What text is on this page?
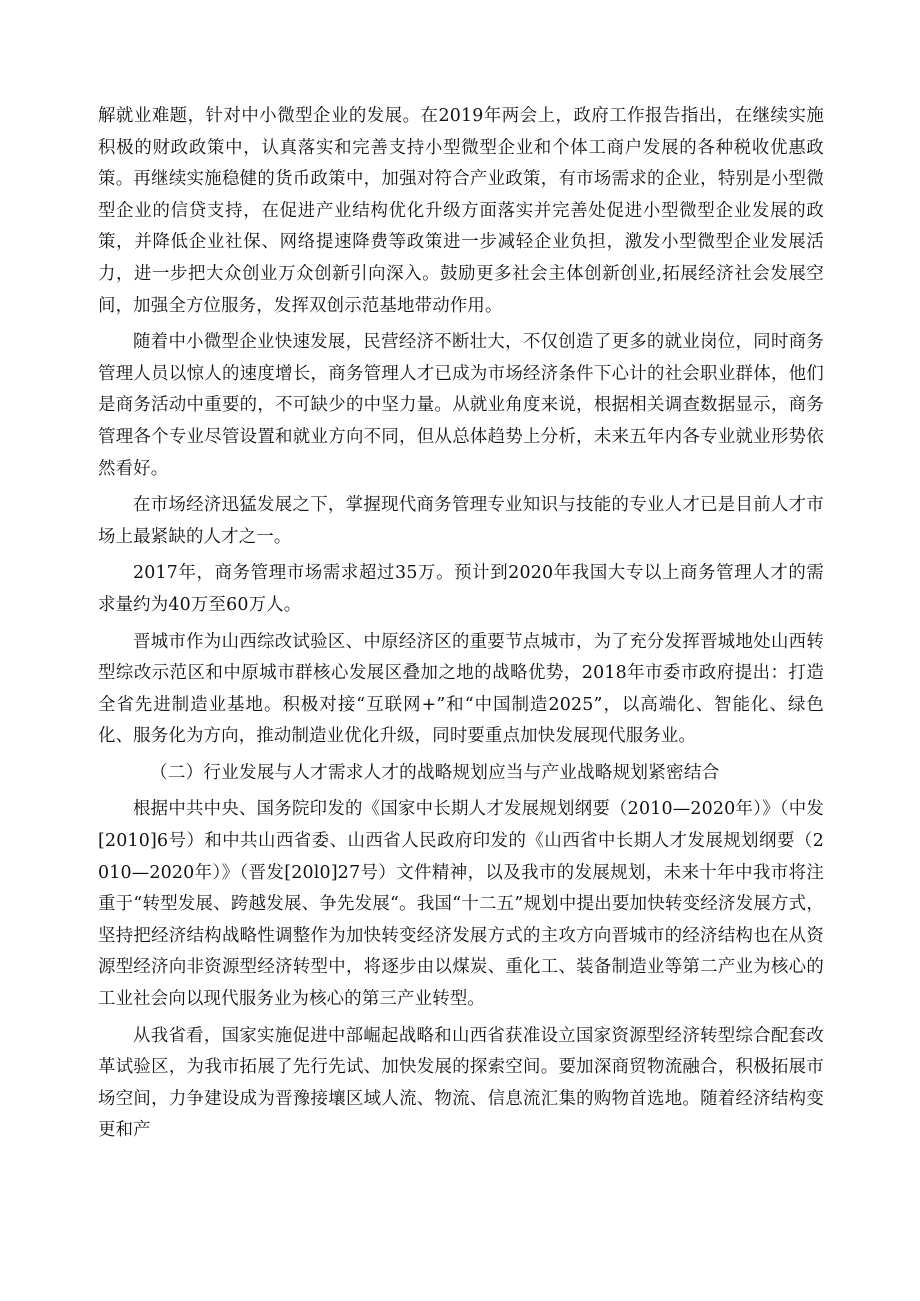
解就业难题，针对中小微型企业的发展。在2019年两会上，政府工作报告指出，在继续实施积极的财政政策中，认真落实和完善支持小型微型企业和个体工商户发展的各种税收优惠政策。再继续实施稳健的货币政策中，加强对符合产业政策，有市场需求的企业，特别是小型微型企业的信贷支持，在促进产业结构优化升级方面落实并完善处促进小型微型企业发展的政策，并降低企业社保、网络提速降费等政策进一步减轻企业负担，激发小型微型企业发展活力，进一步把大众创业万众创新引向深入。鼓励更多社会主体创新创业,拓展经济社会发展空间，加强全方位服务，发挥双创示范基地带动作用。

随着中小微型企业快速发展，民营经济不断壮大，不仅创造了更多的就业岗位，同时商务管理人员以惊人的速度增长，商务管理人才已成为市场经济条件下心计的社会职业群体，他们是商务活动中重要的，不可缺少的中坚力量。从就业角度来说，根据相关调查数据显示，商务管理各个专业尽管设置和就业方向不同，但从总体趋势上分析，未来五年内各专业就业形势依然看好。

在市场经济迅猛发展之下，掌握现代商务管理专业知识与技能的专业人才已是目前人才市场上最紧缺的人才之一。

2017年，商务管理市场需求超过35万。预计到2020年我国大专以上商务管理人才的需求量约为40万至60万人。

晋城市作为山西综改试验区、中原经济区的重要节点城市，为了充分发挥晋城地处山西转型综改示范区和中原城市群核心发展区叠加之地的战略优势，2018年市委市政府提出：打造全省先进制造业基地。积极对接“互联网+”和“中国制造2025”，以高端化、智能化、绿色化、服务化为方向，推动制造业优化升级，同时要重点加快发展现代服务业。

（二）行业发展与人才需求人才的战略规划应当与产业战略规划紧密结合

根据中共中央、国务院印发的《国家中长期人才发展规划纲要（2010—2020年）》（中发[2010]6号）和中共山西省委、山西省人民政府印发的《山西省中长期人才发展规划纲要（2010—2020年）》（晋发[20l0]27号）文件精神，以及我市的发展规划，未来十年中我市将注重于“转型发展、跨越发展、争先发展“。我国“十二五”规划中提出要加快转变经济发展方式，坚持把经济结构战略性调整作为加快转变经济发展方式的主攻方向晋城市的经济结构也在从资源型经济向非资源型经济转型中，将逐步由以煤炭、重化工、装备制造业等第二产业为核心的工业社会向以现代服务业为核心的第三产业转型。

从我省看，国家实施促进中部崛起战略和山西省获准设立国家资源型经济转型综合配套改革试验区，为我市拓展了先行先试、加快发展的探索空间。要加深商贸物流融合，积极拓展市场空间，力争建设成为晋豫接壤区域人流、物流、信息流汇集的购物首选地。随着经济结构变更和产
